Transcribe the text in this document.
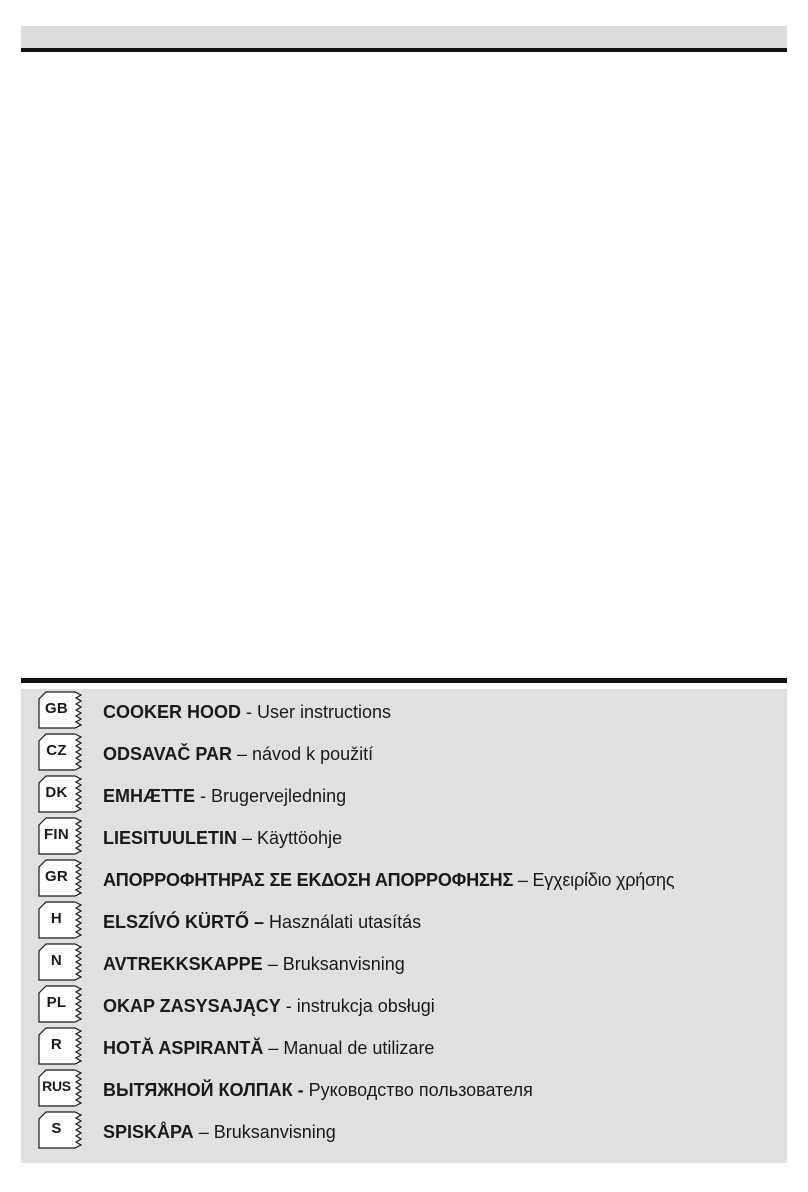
GB	COOKER HOOD - User instructions
CZ	ODSAVAČ PAR – návod k použití
DK	EMHÆTTE - Brugervejledning
FIN	LIESITUULETIN – Käyttöohje
GR	ΑΠΟΡΡΟΦΗΤΗΡΑΣ ΣΕ ΕΚΔΟΣΗ ΑΠΟΡΡΟΦΗΣΗΣ – Εγχειρίδιο χρήσης
H	ELSZÍVÓ KÜRTŐ – Használati utasítás
N	AVTREKKSKAPPE – Bruksanvisning
PL	OKAP ZASYSAJĄCY - instrukcja obsługi
R	HOTĂ ASPIRANTĂ – Manual de utilizare
RUS ВЫТЯЖНОЙ КОЛПАК - Руководство пользователя
S	SPISKÅPA – Bruksanvisning
